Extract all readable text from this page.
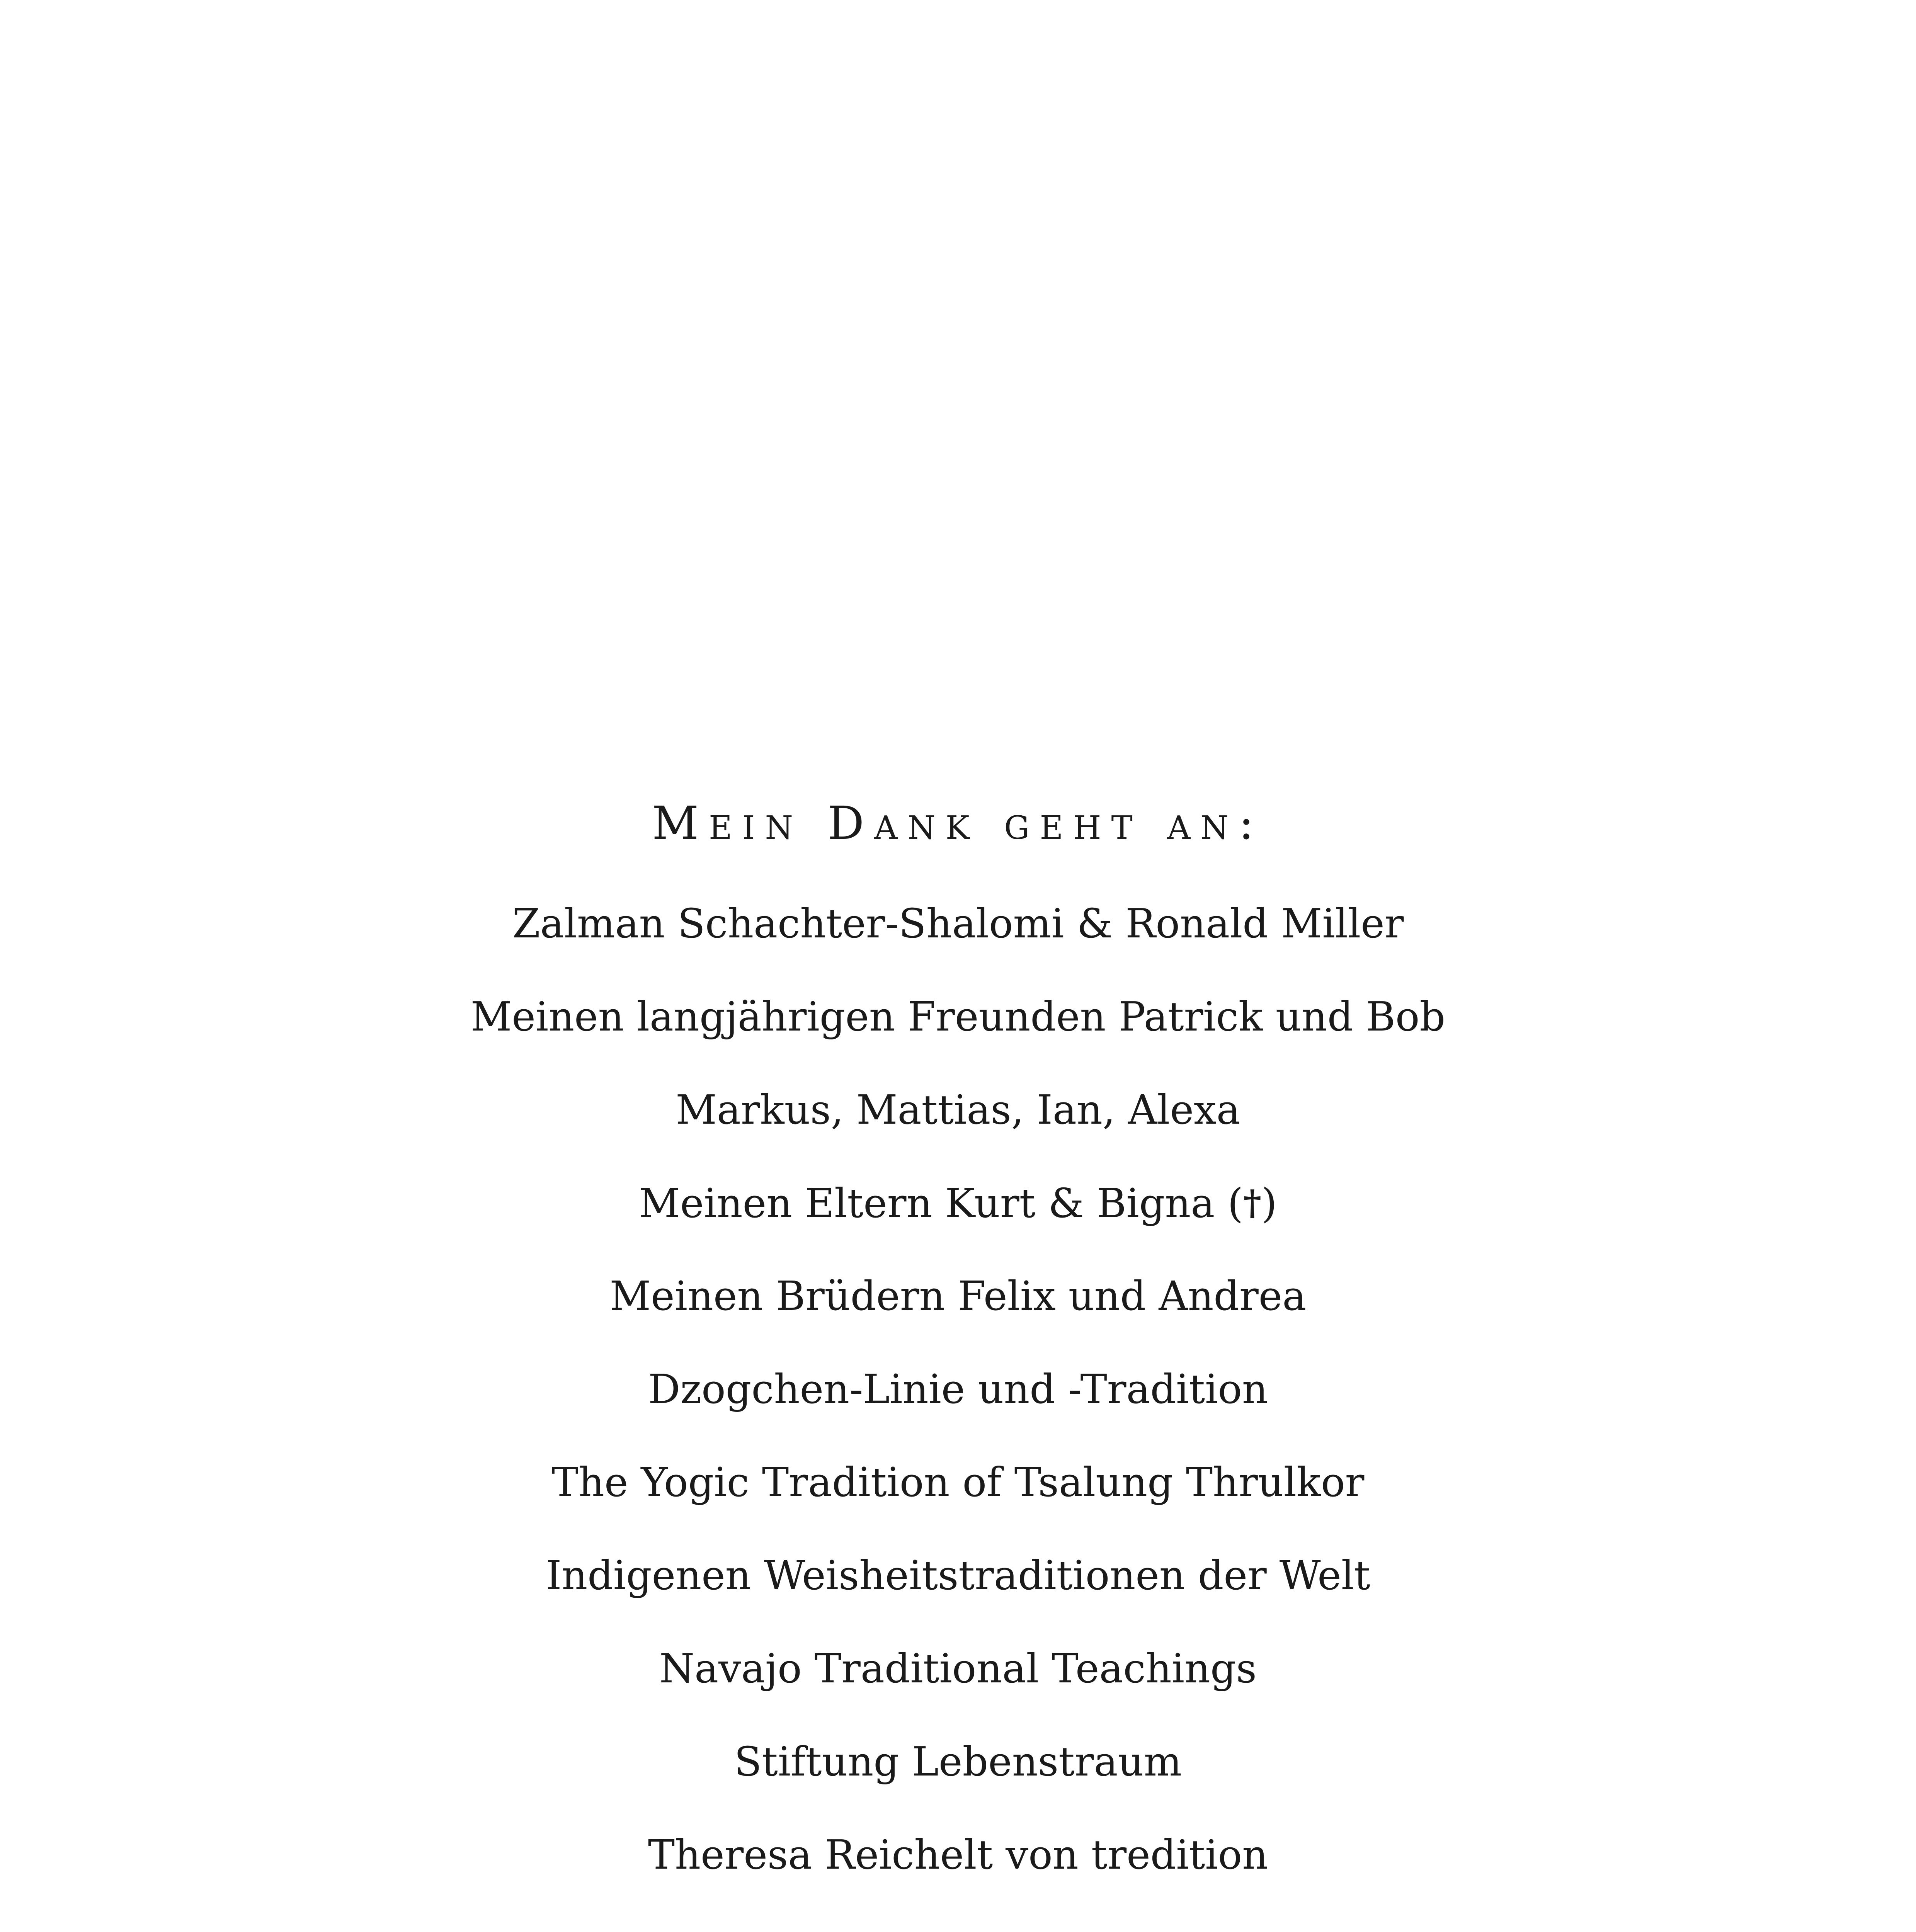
Mein Dank geht an:
Zalman Schachter-Shalomi & Ronald Miller
Meinen langjährigen Freunden Patrick und Bob
Markus, Mattias, Ian, Alexa
Meinen Eltern Kurt & Bigna (†)
Meinen Brüdern Felix und Andrea
Dzogchen-Linie und -Tradition
The Yogic Tradition of Tsalung Thrulkor
Indigenen Weisheitstraditionen der Welt
Navajo Traditional Teachings
Stiftung Lebenstraum
Theresa Reichelt von tredition
